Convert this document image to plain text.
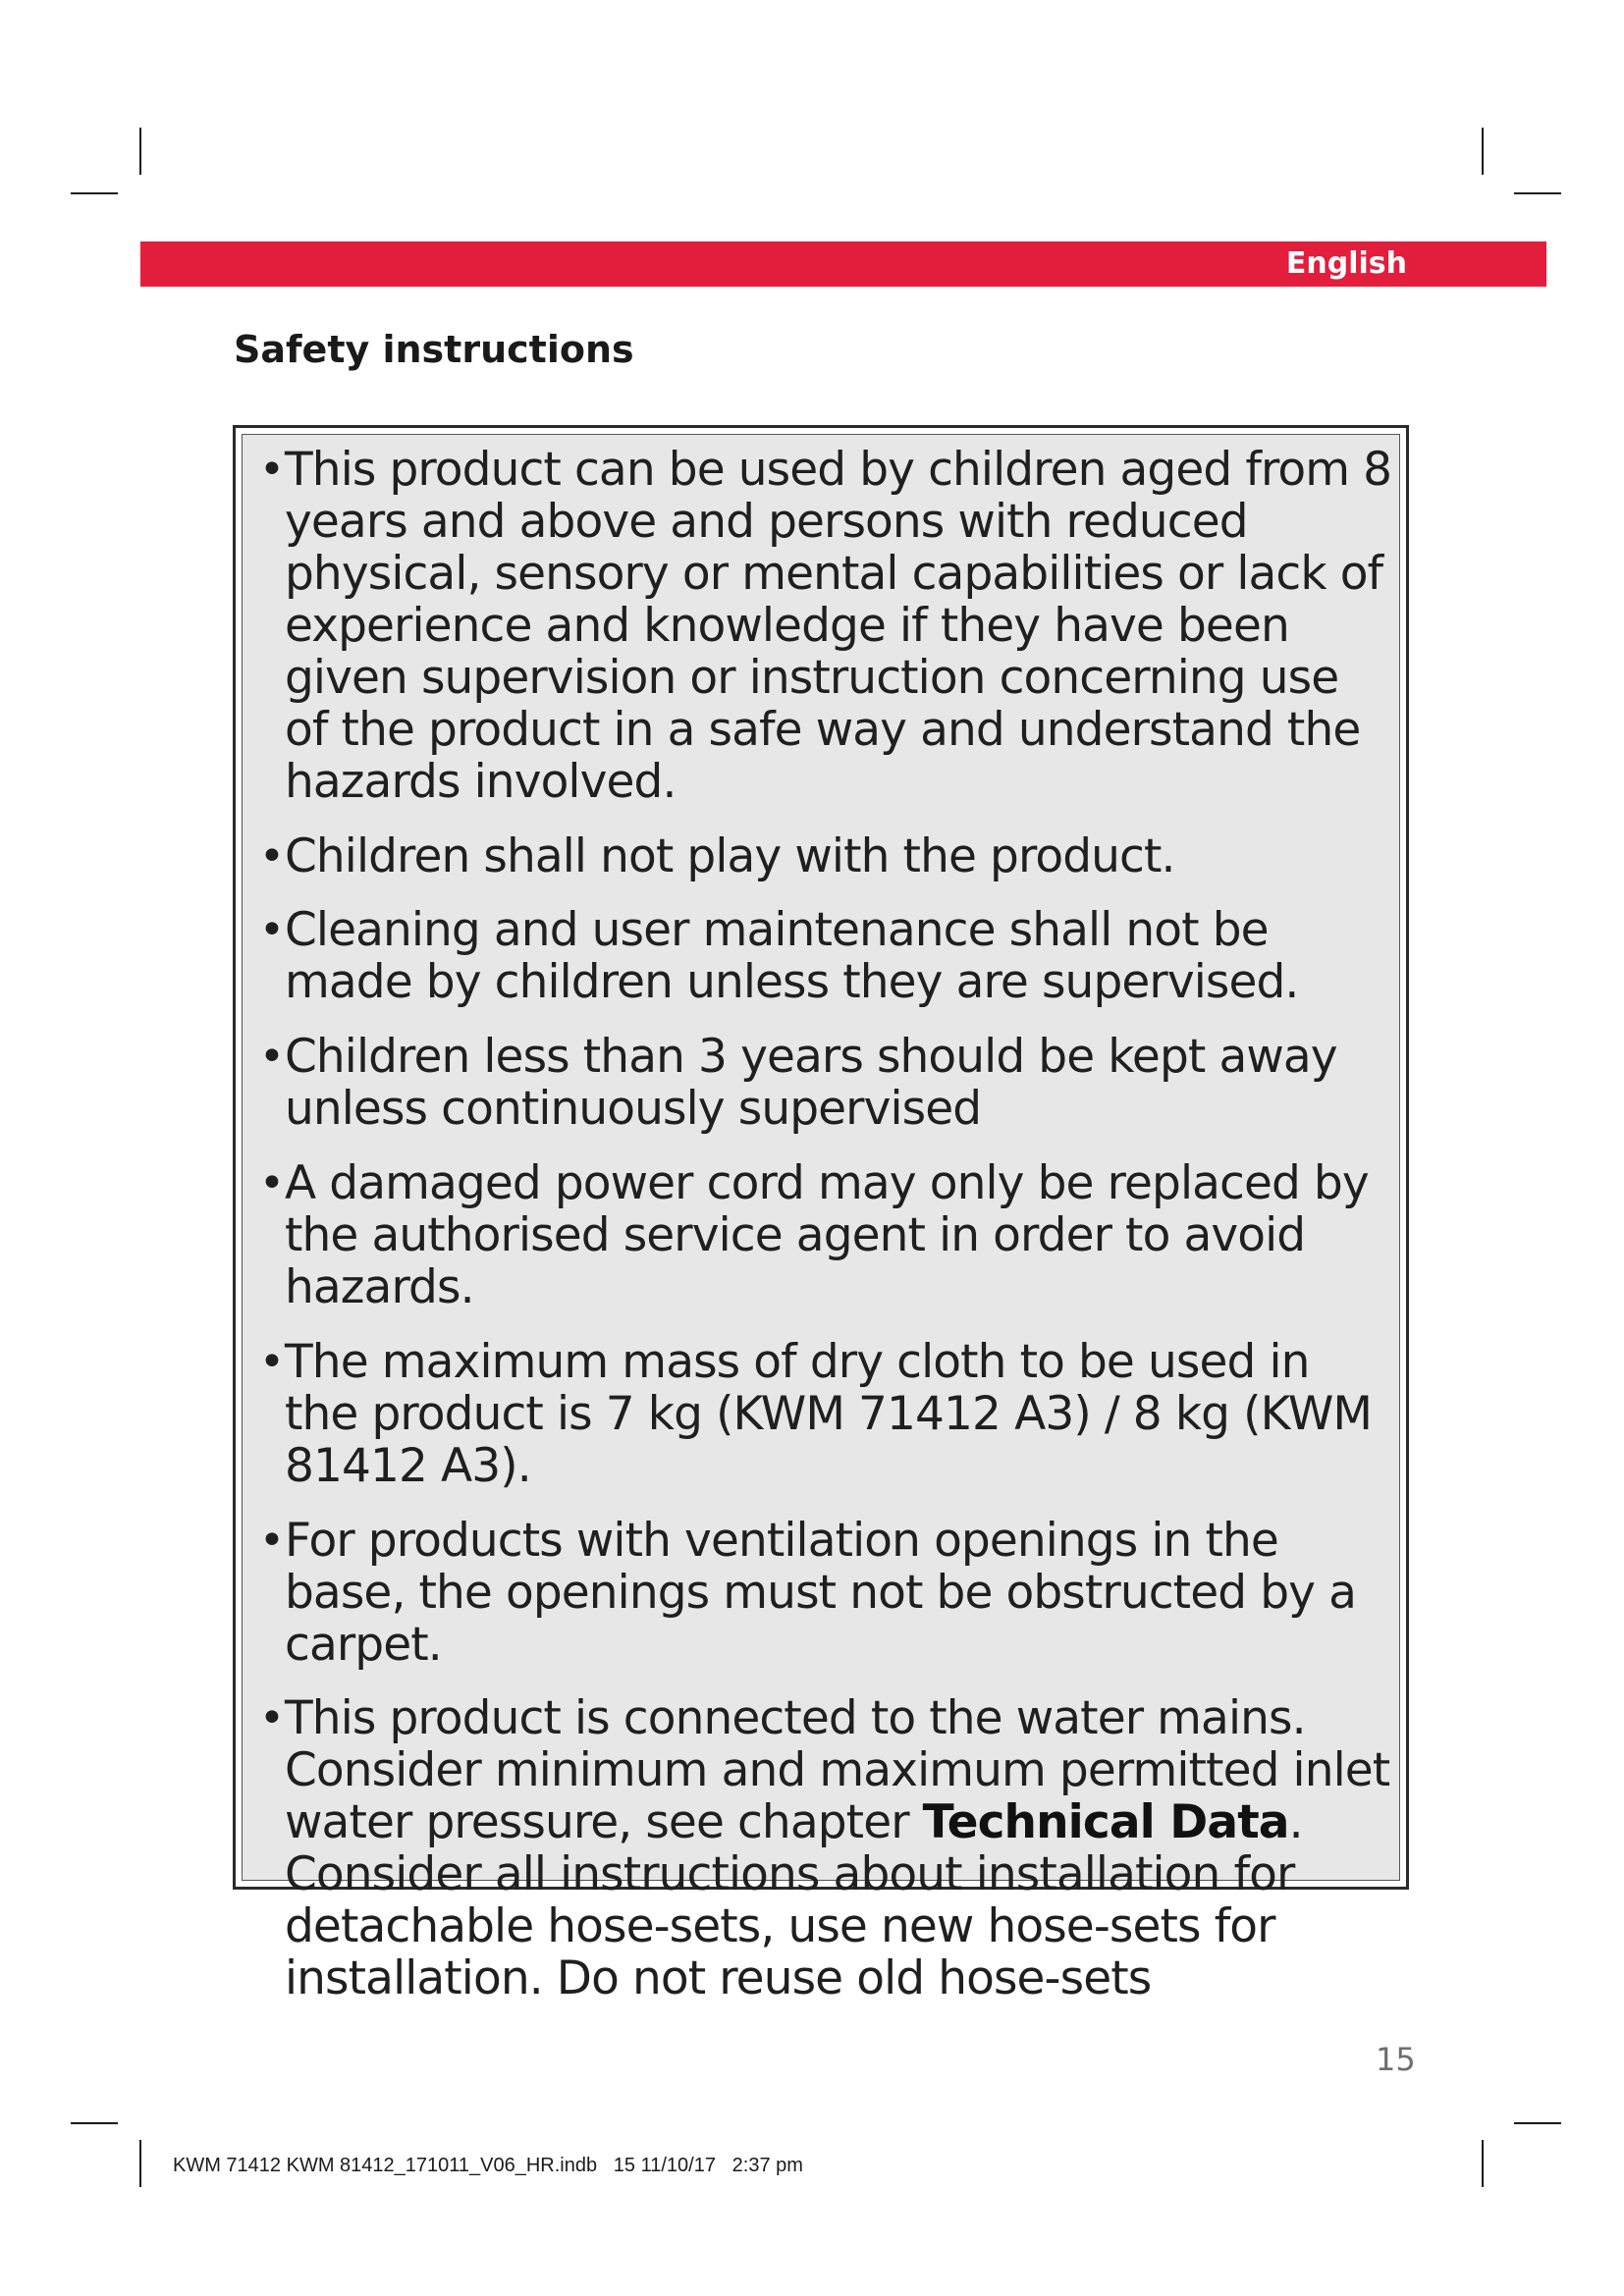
English
Safety instructions
• This product can be used by children aged from 8 years and above and persons with reduced physical, sensory or mental capabilities or lack of experience and knowledge if they have been given supervision or instruction concerning use of the product in a safe way and understand the hazards involved.
• Children shall not play with the product.
• Cleaning and user maintenance shall not be made by children unless they are supervised.
• Children less than 3 years should be kept away unless continuously supervised
• A damaged power cord may only be replaced by the authorised service agent in order to avoid hazards.
• The maximum mass of dry cloth to be used in the product is 7 kg (KWM 71412 A3) / 8 kg (KWM 81412 A3).
• For products with ventilation openings in the base, the openings must not be obstructed by a carpet.
• This product is connected to the water mains. Consider minimum and maximum permitted inlet water pressure, see chapter Technical Data. Consider all instructions about installation for detachable hose-sets, use new hose-sets for installation. Do not reuse old hose-sets
15
KWM 71412 KWM 81412_171011_V06_HR.indb   15 11/10/17   2:37 pm
